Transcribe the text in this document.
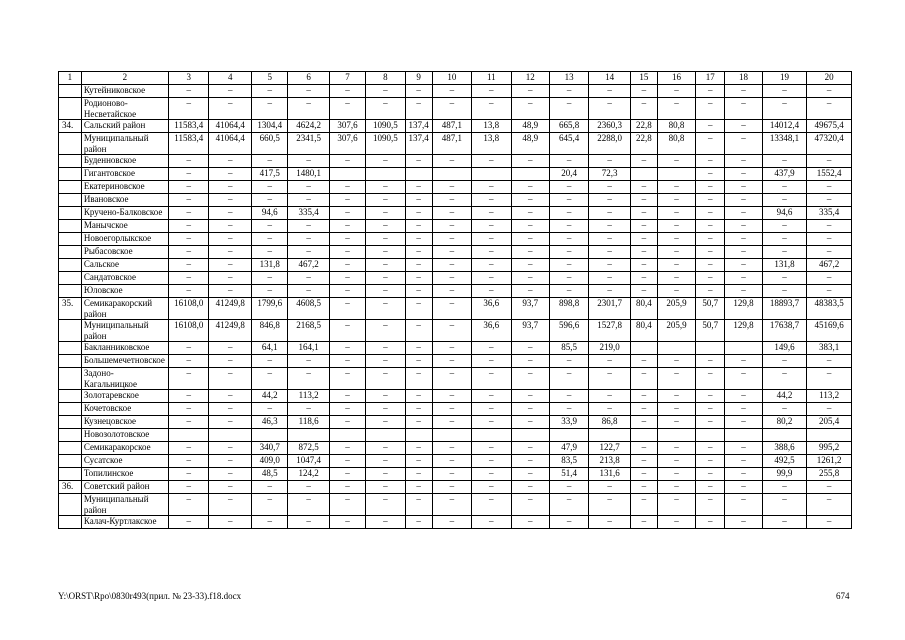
1	2	3	4	5	6	7	8	9	10	11	12	13	14	15	16	17	18	19	20
	Кутейниковское	–	–	–	–	–	–	–	–	–	–	–	–	–	–	–	–	–	–
	Родионово-Несветайское	–	–	–	–	–	–	–	–	–	–	–	–	–	–	–	–	–	–
34.	Сальский район	11583,4	41064,4	1304,4	4624,2	307,6	1090,5	137,4	487,1	13,8	48,9	665,8	2360,3	22,8	80,8	–	–	14012,4	49675,4
	Муниципальный район	11583,4	41064,4	660,5	2341,5	307,6	1090,5	137,4	487,1	13,8	48,9	645,4	2288,0	22,8	80,8	–	–	13348,1	47320,4
	Буденновское	–	–	–	–	–	–	–	–	–	–	–	–	–	–	–	–	–	–
	Гигантовское	–	–	417,5	1480,1							20,4	72,3			–	–	437,9	1552,4
	Екатериновское	–	–	–	–	–	–	–	–	–	–	–	–	–	–	–	–	–	–
	Ивановское	–	–	–	–	–	–	–	–	–	–	–	–	–	–	–	–	–	–
	Кручено-Балковское	–	–	94,6	335,4	–	–	–	–	–	–	–	–	–	–	–	–	94,6	335,4
	Манычское	–	–	–	–	–	–	–	–	–	–	–	–	–	–	–	–	–	–
	Новоегорлыкское	–	–	–	–	–	–	–	–	–	–	–	–	–	–	–	–	–	–
	Рыбасовское	–	–	–	–	–	–	–	–	–	–	–	–	–	–	–	–	–	–
	Сальское	–	–	131,8	467,2	–	–	–	–	–	–	–	–	–	–	–	–	131,8	467,2
	Сандатовское	–	–	–	–	–	–	–	–	–	–	–	–	–	–	–	–	–	–
	Юловское	–	–	–	–	–	–	–	–	–	–	–	–	–	–	–	–	–	–
35.	Семикаракорский район	16108,0	41249,8	1799,6	4608,5	–	–	–	–	36,6	93,7	898,8	2301,7	80,4	205,9	50,7	129,8	18893,7	48383,5
	Муниципальный район	16108,0	41249,8	846,8	2168,5	–	–	–	–	36,6	93,7	596,6	1527,8	80,4	205,9	50,7	129,8	17638,7	45169,6
	Бакланниковское	–	–	64,1	164,1	–	–	–	–	–	–	85,5	219,0					149,6	383,1
	Большемечетновское	–	–	–	–	–	–	–	–	–	–	–	–	–	–	–	–	–	–
	Задоно-Кагальницкое	–	–	–	–	–	–	–	–	–	–	–	–	–	–	–	–	–	–
	Золотаревское	–	–	44,2	113,2	–	–	–	–	–	–	–	–	–	–	–	–	44,2	113,2
	Кочетовское	–	–	–	–	–	–	–	–	–	–	–	–	–	–	–	–	–	–
	Кузнецовское	–	–	46,3	118,6	–	–	–	–	–	–	33,9	86,8	–	–	–	–	80,2	205,4
	Новозолотовское																		
	Семикаракорское	–	–	340,7	872,5	–	–	–	–	–	–	47,9	122,7	–	–	–	–	388,6	995,2
	Сусатское	–	–	409,0	1047,4	–	–	–	–	–	–	83,5	213,8	–	–	–	–	492,5	1261,2
	Топилинское	–	–	48,5	124,2	–	–	–	–	–	–	51,4	131,6	–	–	–	–	99,9	255,8
36.	Советский район	–	–	–	–	–	–	–	–	–	–	–	–	–	–	–	–	–	–
	Муниципальный район	–	–	–	–	–	–	–	–	–	–	–	–	–	–	–	–	–	–
	Калач-Куртлакское	–	–	–	–	–	–	–	–	–	–	–	–	–	–	–	–	–	–
Y:\ORST\Rpo\0830r493(прил. № 23-33).f18.docx	674
